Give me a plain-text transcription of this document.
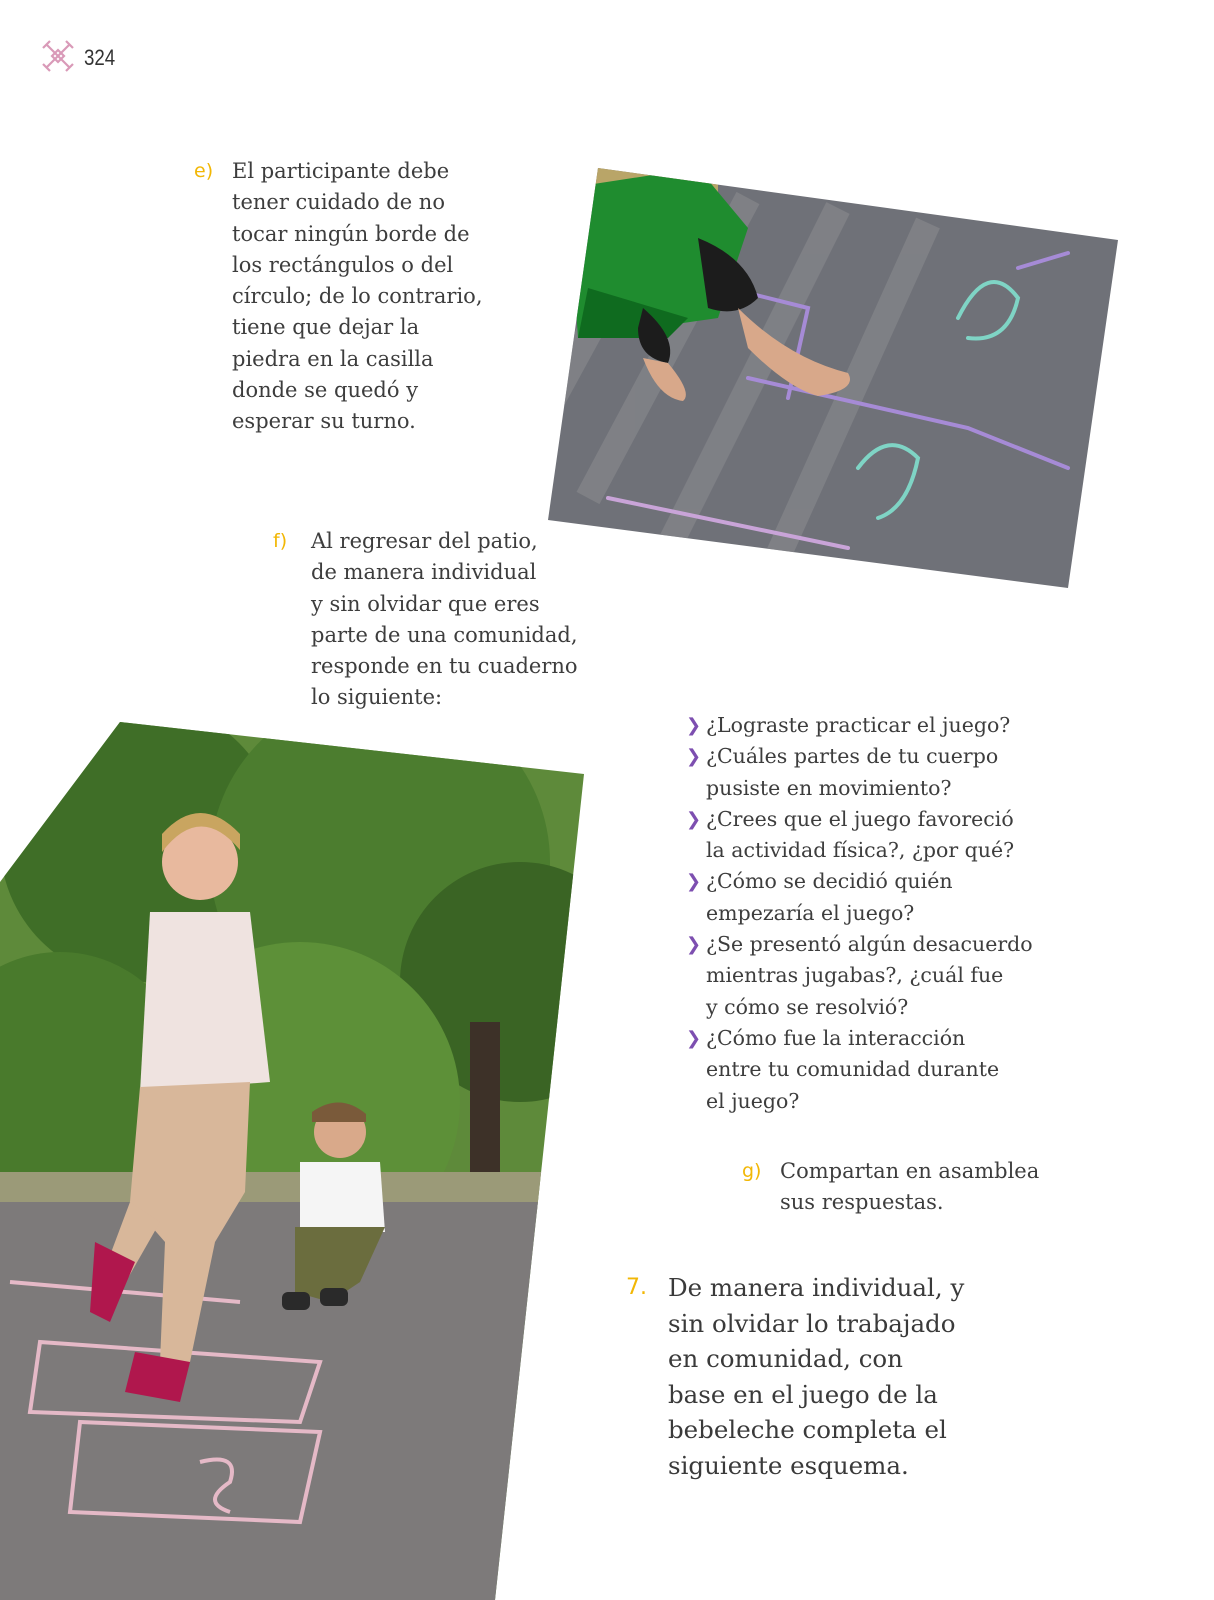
324
e) El participante debe
tener cuidado de no
tocar ningún borde de
los rectángulos o del
círculo; de lo contrario,
tiene que dejar la
piedra en la casilla
donde se quedó y
esperar su turno.
f) Al regresar del patio,
de manera individual
y sin olvidar que eres
parte de una comunidad,
responde en tu cuaderno
lo siguiente:
❯ ¿Lograste practicar el juego?
❯ ¿Cuáles partes de tu cuerpo
pusiste en movimiento?
❯ ¿Crees que el juego favoreció
la actividad física?, ¿por qué?
❯ ¿Cómo se decidió quién
empezaría el juego?
❯ ¿Se presentó algún desacuerdo
mientras jugabas?, ¿cuál fue
y cómo se resolvió?
❯ ¿Cómo fue la interacción
entre tu comunidad durante
el juego?
g) Compartan en asamblea
sus respuestas.
7. De manera individual, y
sin olvidar lo trabajado
en comunidad, con
base en el juego de la
bebeleche completa el
siguiente esquema.
